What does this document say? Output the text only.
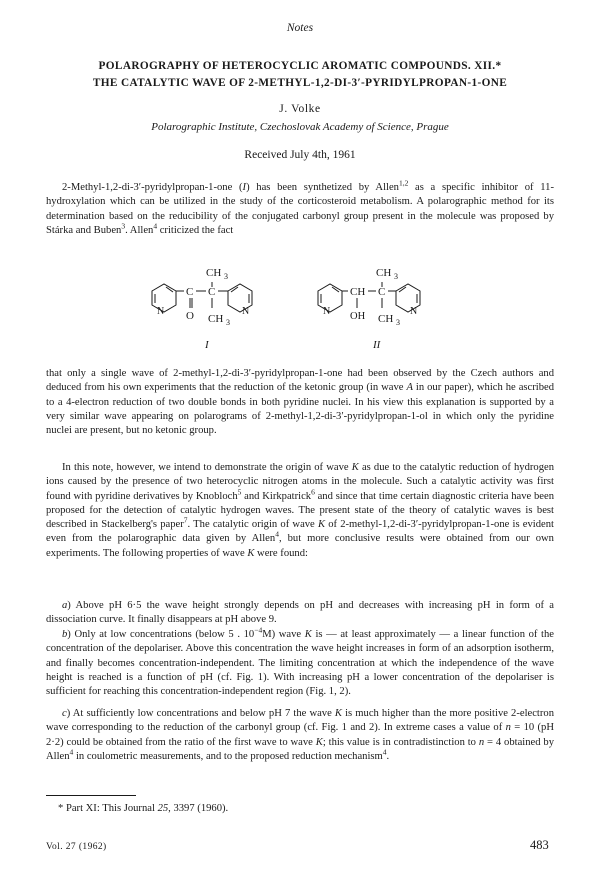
Notes
POLAROGRAPHY OF HETEROCYCLIC AROMATIC COMPOUNDS. XII.*
THE CATALYTIC WAVE OF 2-METHYL-1,2-DI-3′-PYRIDYLPROPAN-1-ONE
J. Volke
Polarographic Institute, Czechoslovak Academy of Science, Prague
Received July 4th, 1961

2-Methyl-1,2-di-3′-pyridylpropan-1-one (I) has been synthetized by Allen$^{1,2}$ as a specific inhibitor of 11-hydroxylation which can be utilized in the study of the corticosteroid metabolism. A polarographic method for its determination based on the reducibility of the conjugated carbonyl group present in the molecule was proposed by Stárka and Buben$^3$. Allen$^4$ criticized the fact

N
C
O
C
CH 3
CH 3
N
I
N
CH
OH
C
CH 3
CH 3
N
II

that only a single wave of 2-methyl-1,2-di-3′-pyridylpropan-1-one had been observed by the Czech authors and deduced from his own experiments that the reduction of the ketonic group (in wave A in our paper), which he ascribed to a 4-electron reduction of two double bonds in both pyridine nuclei. In his view this explanation is supported by a very similar wave appearing on polarograms of 2-methyl-1,2-di-3′-pyridylpropan-1-ol in which only the pyridine nuclei are present, but no ketonic group.

In this note, however, we intend to demonstrate the origin of wave K as due to the catalytic reduction of hydrogen ions caused by the presence of two heterocyclic nitrogen atoms in the molecule. Such a catalytic activity was first found with pyridine derivatives by Knobloch$^5$ and Kirkpatrick$^6$ and since that time certain diagnostic criteria have been proposed for the detection of catalytic hydrogen waves. The present state of the theory of catalytic waves is best described in Stackelberg's paper$^7$. The catalytic origin of wave K of 2-methyl-1,2-di-3′-pyridylpropan-1-one is evident even from the polarographic data given by Allen$^4$, but more conclusive results were obtained from our own experiments. The following properties of wave K were found:

a) Above pH 6·5 the wave height strongly depends on pH and decreases with increasing pH in form of a dissociation curve. It finally disappears at pH above 9.

b) Only at low concentrations (below 5 . $10^{-4}M$) wave K is — at least approximately — a linear function of the concentration of the depolariser. Above this concentration the wave height increases in form of an adsorption isotherm, and finally becomes concentration-independent. The limiting concentration at which the independence of the wave height is reached is a function of pH (cf. Fig. 1). With increasing pH a lower concentration of the depolariser is sufficient for reaching this concentration-independent region (Fig. 1, 2).

c) At sufficiently low concentrations and below pH 7 the wave K is much higher than the more positive 2-electron wave corresponding to the reduction of the carbonyl group (cf. Fig. 1 and 2). In extreme cases a value of n = 10 (pH 2·2) could be obtained from the ratio of the first wave to wave K; this value is in contradistinction to n = 4 obtained by Allen$^4$ in coulometric measurements, and to the proposed reduction mechanism$^4$.

* Part XI: This Journal 25, 3397 (1960).
Vol. 27 (1962)	483
